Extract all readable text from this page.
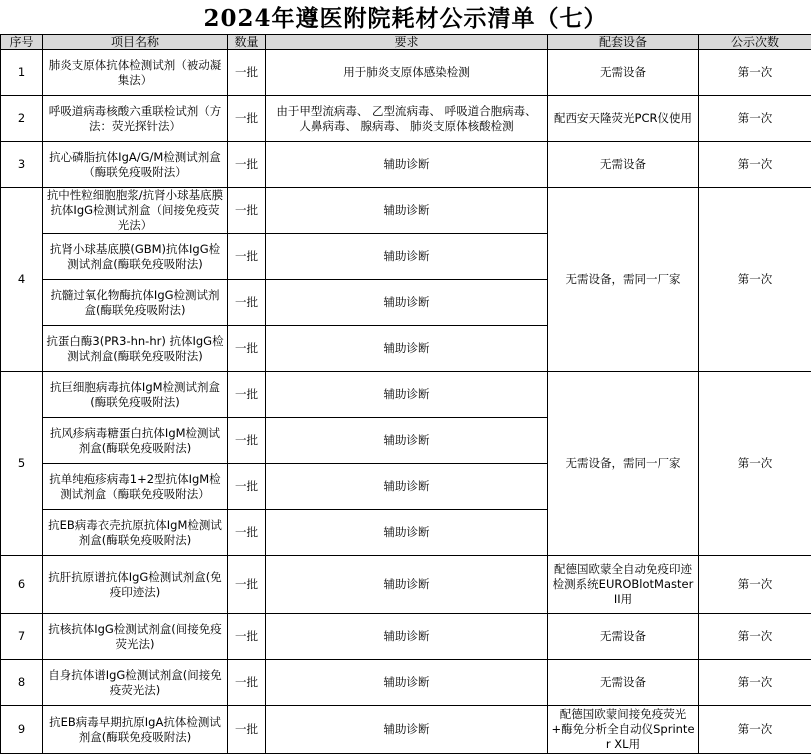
2024年遵医附院耗材公示清单（七）
序号	项目名称	数量	要求	配套设备	公示次数
1	肺炎支原体抗体检测试剂（被动凝集法）	一批	用于肺炎支原体感染检测	无需设备	第一次
2	呼吸道病毒核酸六重联检试剂（方法：荧光探针法）	一批	由于甲型流病毒、 乙型流病毒、 呼吸道合胞病毒、 人鼻病毒、 腺病毒、 肺炎支原体核酸检测	配西安天隆荧光PCR仪使用	第一次
3	抗心磷脂抗体IgA/G/M检测试剂盒（酶联免疫吸附法）	一批	辅助诊断	无需设备	第一次
4	抗中性粒细胞胞浆/抗肾小球基底膜抗体IgG检测试剂盒（间接免疫荧光法）	一批	辅助诊断	无需设备，需同一厂家	第一次
	抗肾小球基底膜(GBM)抗体IgG检测试剂盒(酶联免疫吸附法)	一批	辅助诊断		
	抗髓过氧化物酶抗体IgG检测试剂盒(酶联免疫吸附法)	一批	辅助诊断		
	抗蛋白酶3(PR3-hn-hr) 抗体IgG检测试剂盒(酶联免疫吸附法)	一批	辅助诊断		
5	抗巨细胞病毒抗体IgM检测试剂盒(酶联免疫吸附法)	一批	辅助诊断	无需设备，需同一厂家	第一次
	抗风疹病毒糖蛋白抗体IgM检测试剂盒(酶联免疫吸附法)	一批	辅助诊断		
	抗单纯疱疹病毒1+2型抗体IgM检测试剂盒（酶联免疫吸附法）	一批	辅助诊断		
	抗EB病毒衣壳抗原抗体IgM检测试剂盒(酶联免疫吸附法)	一批	辅助诊断		
6	抗肝抗原谱抗体IgG检测试剂盒(免疫印迹法)	一批	辅助诊断	配德国欧蒙全自动免疫印迹检测系统EUROBlotMaster II用	第一次
7	抗核抗体IgG检测试剂盒(间接免疫荧光法)	一批	辅助诊断	无需设备	第一次
8	自身抗体谱IgG检测试剂盒(间接免疫荧光法)	一批	辅助诊断	无需设备	第一次
9	抗EB病毒早期抗原IgA抗体检测试剂盒(酶联免疫吸附法)	一批	辅助诊断	配德国欧蒙间接免疫荧光+酶免分析全自动仪Sprinter XL用	第一次
